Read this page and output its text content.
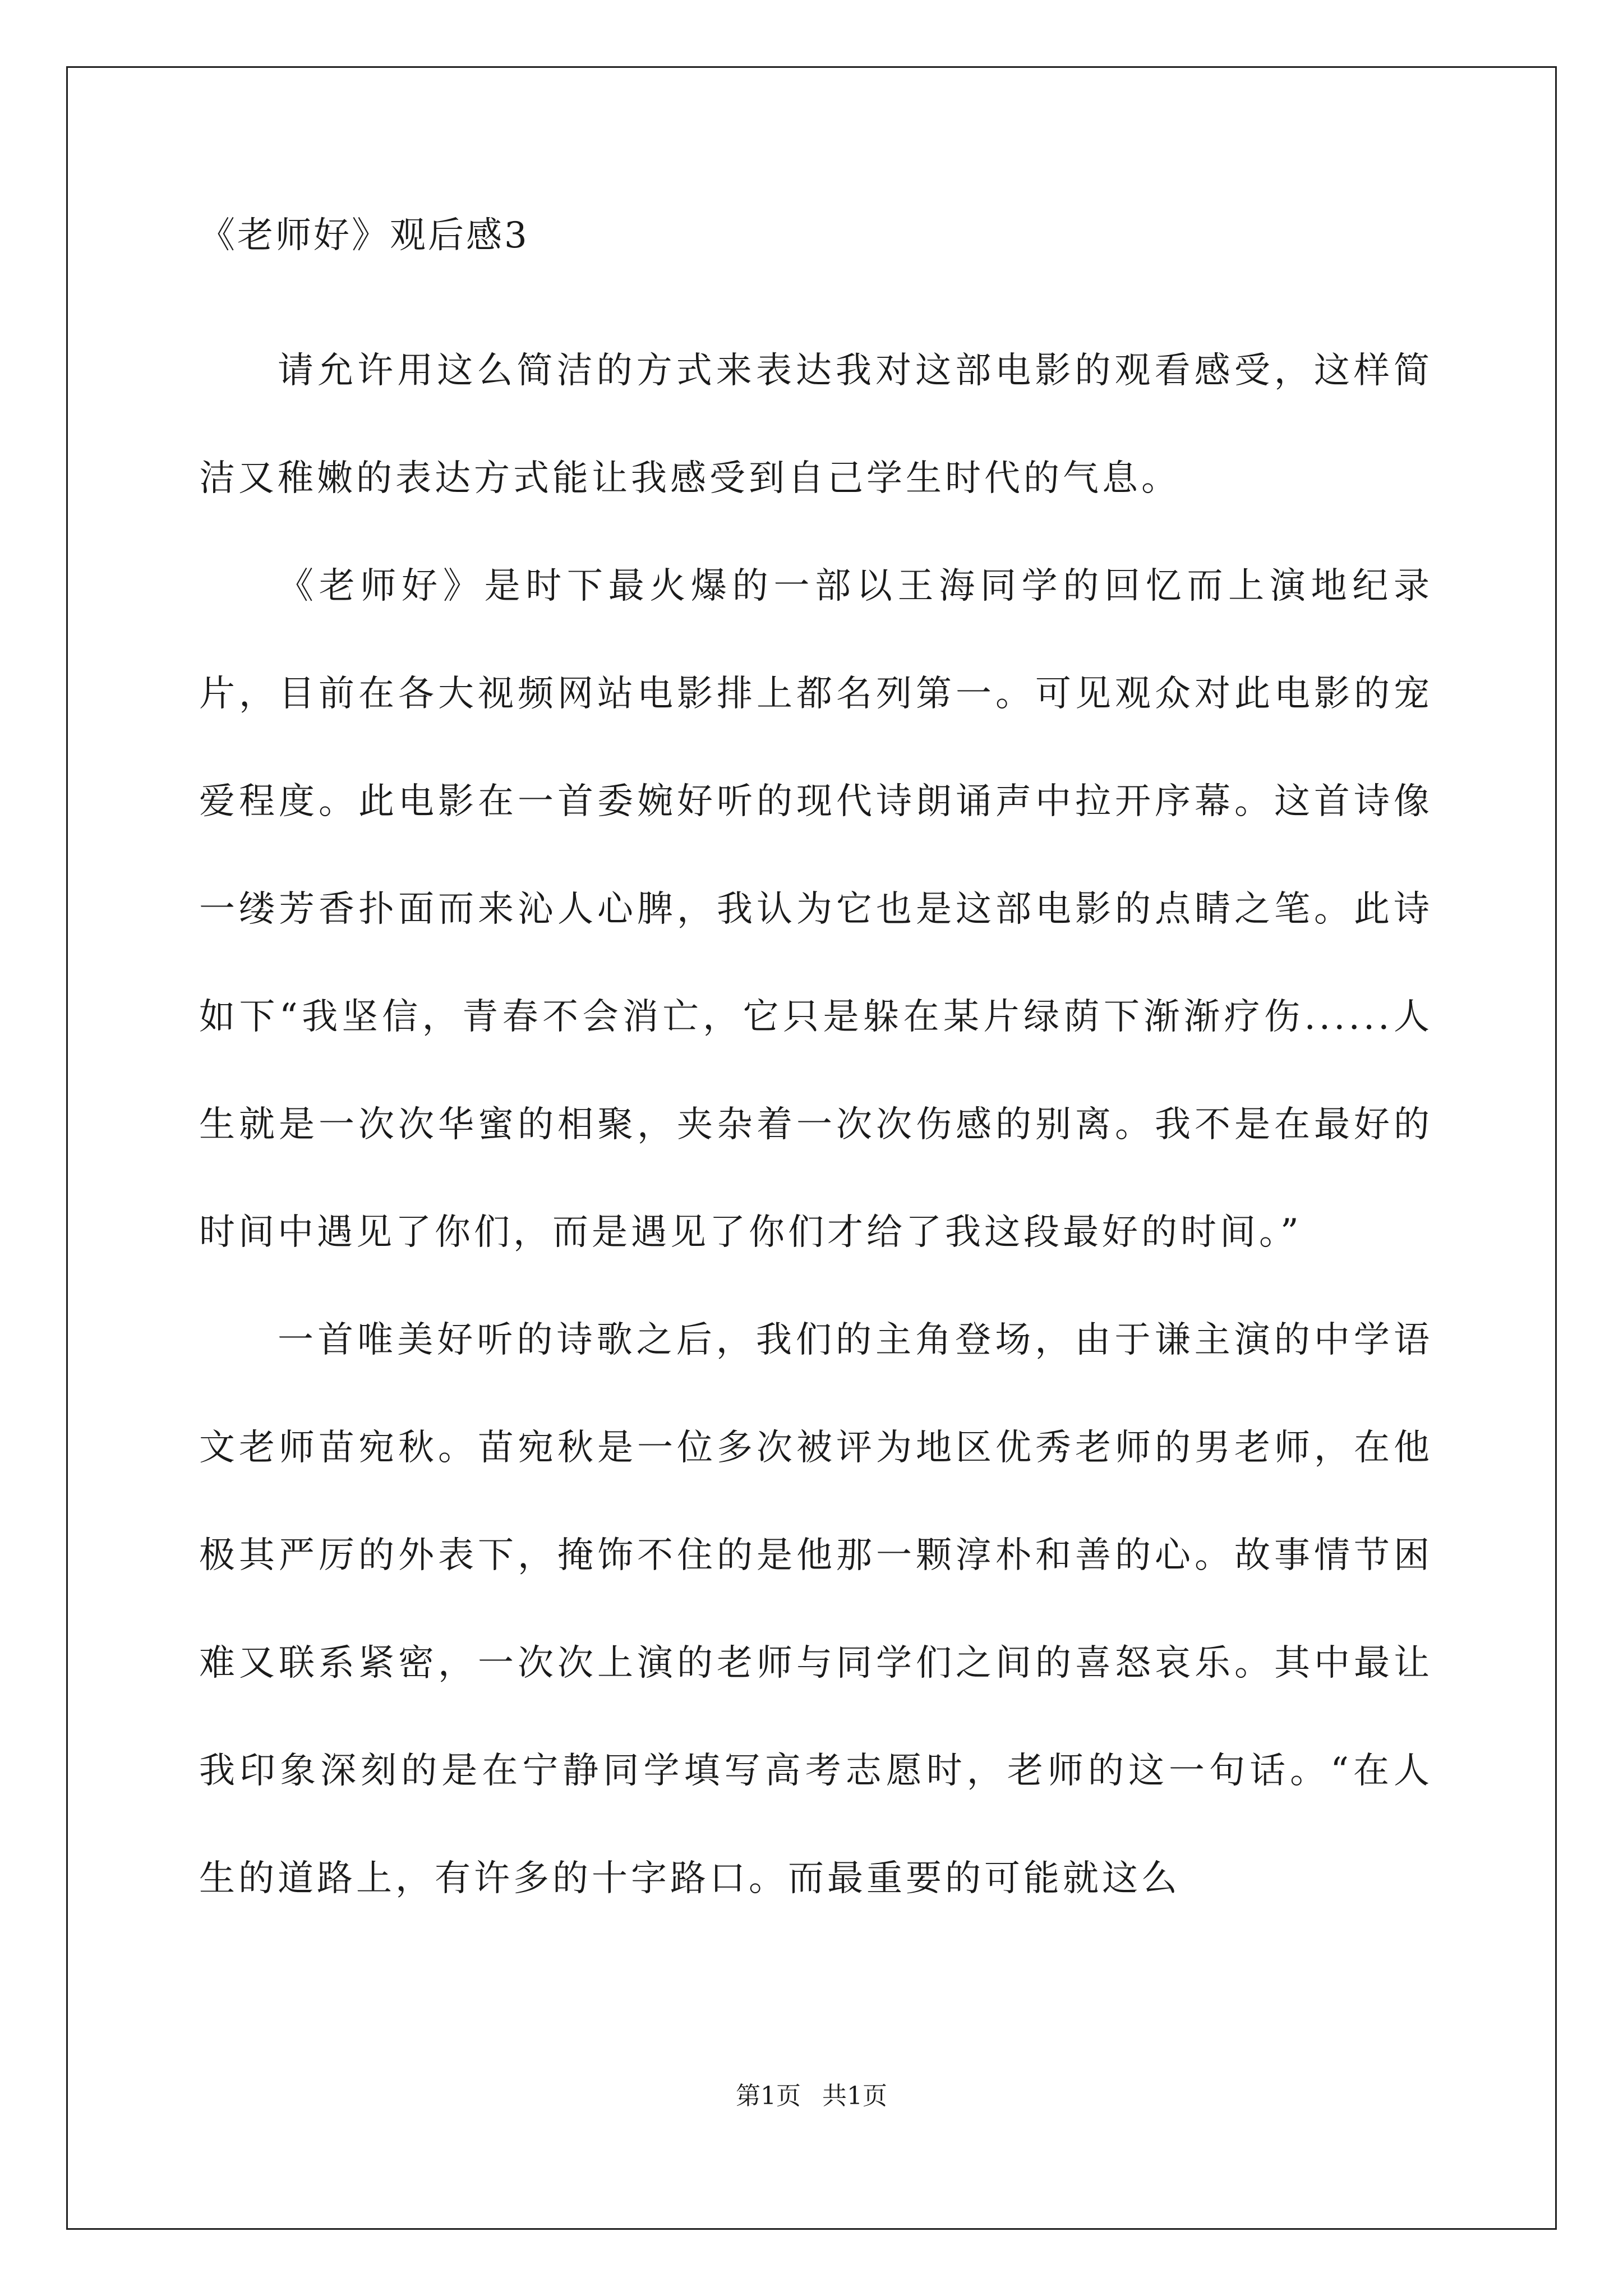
《老师好》观后感3

请允许用这么简洁的方式来表达我对这部电影的观看感受，这样简洁又稚嫩的表达方式能让我感受到自己学生时代的气息。

《老师好》是时下最火爆的一部以王海同学的回忆而上演地纪录片，目前在各大视频网站电影排上都名列第一。可见观众对此电影的宠爱程度。此电影在一首委婉好听的现代诗朗诵声中拉开序幕。这首诗像一缕芳香扑面而来沁人心脾，我认为它也是这部电影的点睛之笔。此诗如下“我坚信，青春不会消亡，它只是躲在某片绿荫下渐渐疗伤......人生就是一次次华蜜的相聚，夹杂着一次次伤感的别离。我不是在最好的时间中遇见了你们，而是遇见了你们才给了我这段最好的时间。”

一首唯美好听的诗歌之后，我们的主角登场，由于谦主演的中学语文老师苗宛秋。苗宛秋是一位多次被评为地区优秀老师的男老师，在他极其严厉的外表下，掩饰不住的是他那一颗淳朴和善的心。故事情节困难又联系紧密，一次次上演的老师与同学们之间的喜怒哀乐。其中最让我印象深刻的是在宁静同学填写高考志愿时，老师的这一句话。“在人生的道路上，有许多的十字路口。而最重要的可能就这么

第1页 共1页
